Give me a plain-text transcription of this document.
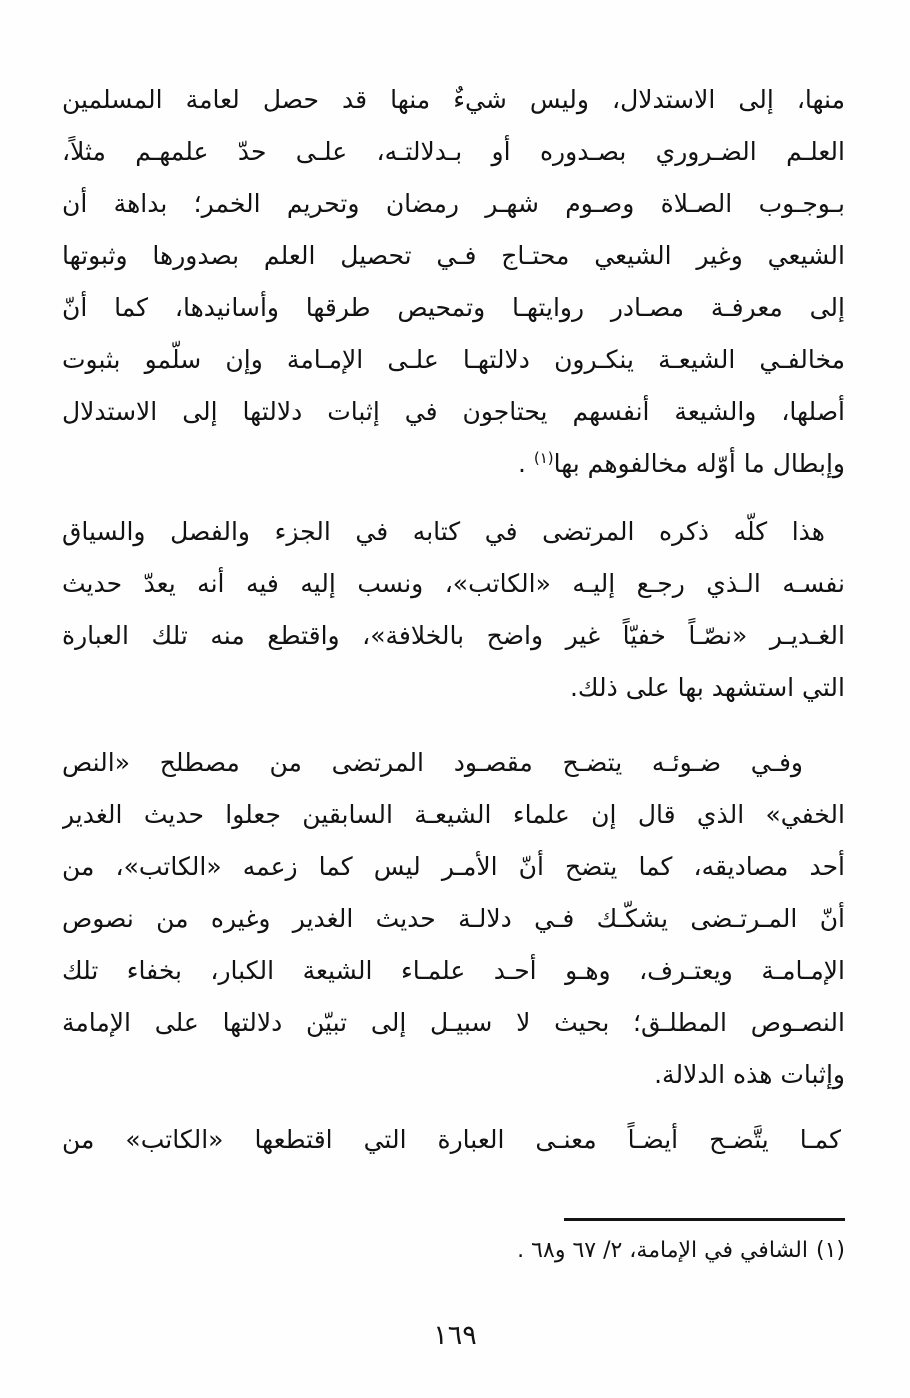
منها، إلى الاستدلال، وليس شيءٌ منها قد حصل لعامة المسلمين
العلـم الضـروري بصـدوره أو بـدلالتـه، علـى حدّ علمهـم مثلاً،
بـوجـوب الصـلاة وصـوم شهـر رمضان وتحريم الخمر؛ بداهة أن
الشيعي وغير الشيعي محتـاج فـي تحصيل العلم بصدورها وثبوتها
إلى معرفـة مصـادر روايتهـا وتمحيص طرقها وأسانيدها، كما أنّ
مخالفـي الشيعـة ينكـرون دلالتهـا علـى الإمـامة وإن سلّمو بثبوت
أصلها، والشيعة أنفسهم يحتاجون في إثبات دلالتها إلى الاستدلال
وإبطال ما أوّله مخالفوهم بها$^{(١)}$ .
هذا كلّه ذكره المرتضى في كتابه في الجزء والفصل والسياق
نفسـه الـذي رجـع إليـه «الكاتب»، ونسب إليه فيه أنه يعدّ حديث
الغـديـر «نصّـاً خفيّاً غير واضح بالخلافة»، واقتطع منه تلك العبارة
التي استشهد بها على ذلك.
وفـي ضـوئـه يتضـح مقصـود المرتضى من مصطلح «النص
الخفي» الذي قال إن علماء الشيعـة السابقين جعلوا حديث الغدير
أحد مصاديقه، كما يتضح أنّ الأمـر ليس كما زعمه «الكاتب»، من
أنّ المـرتـضى يشكّـك فـي دلالـة حديث الغدير وغيره من نصوص
الإمـامـة ويعتـرف، وهـو أحـد علمـاء الشيعة الكبار، بخفاء تلك
النصـوص المطلـق؛ بحيث لا سبيـل إلى تبيّن دلالتها على الإمامة
وإثبات هذه الدلالة.
كمـا يتَّضـح أيضـاً معنـى العبارة التي اقتطعها «الكاتب» من
(١)الشافي في الإمامة، ٢/ ٦٧ و٦٨ .
١٦٩
